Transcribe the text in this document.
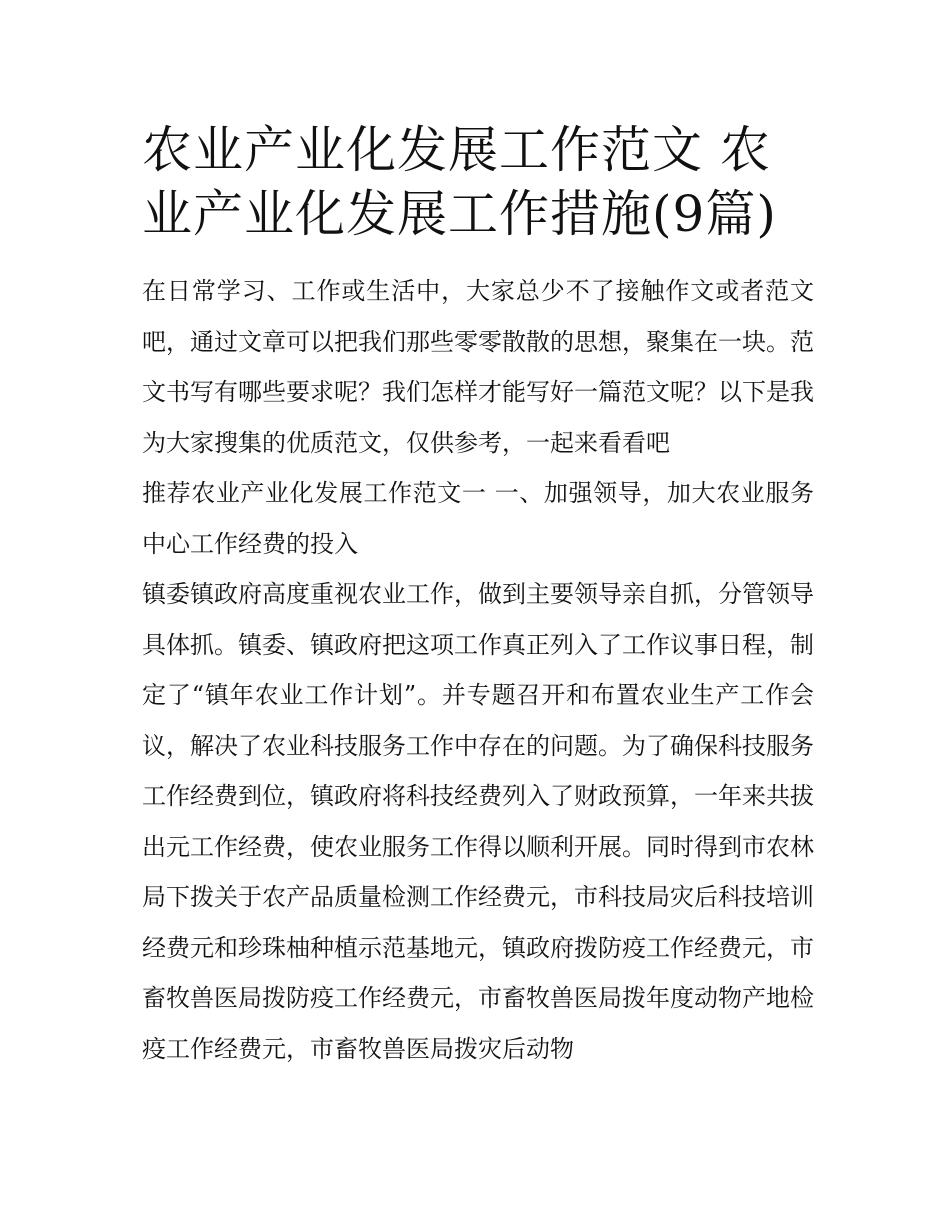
农业产业化发展工作范文 农业产业化发展工作措施(9篇)

在日常学习、工作或生活中，大家总少不了接触作文或者范文吧，通过文章可以把我们那些零零散散的思想，聚集在一块。范文书写有哪些要求呢？我们怎样才能写好一篇范文呢？以下是我为大家搜集的优质范文，仅供参考，一起来看看吧

推荐农业产业化发展工作范文一 一、加强领导，加大农业服务中心工作经费的投入

镇委镇政府高度重视农业工作，做到主要领导亲自抓，分管领导具体抓。镇委、镇政府把这项工作真正列入了工作议事日程，制定了“镇年农业工作计划”。并专题召开和布置农业生产工作会议，解决了农业科技服务工作中存在的问题。为了确保科技服务工作经费到位，镇政府将科技经费列入了财政预算，一年来共拔出元工作经费，使农业服务工作得以顺利开展。同时得到市农林局下拨关于农产品质量检测工作经费元，市科技局灾后科技培训经费元和珍珠柚种植示范基地元，镇政府拨防疫工作经费元，市畜牧兽医局拨防疫工作经费元，市畜牧兽医局拨年度动物产地检疫工作经费元，市畜牧兽医局拨灾后动物
